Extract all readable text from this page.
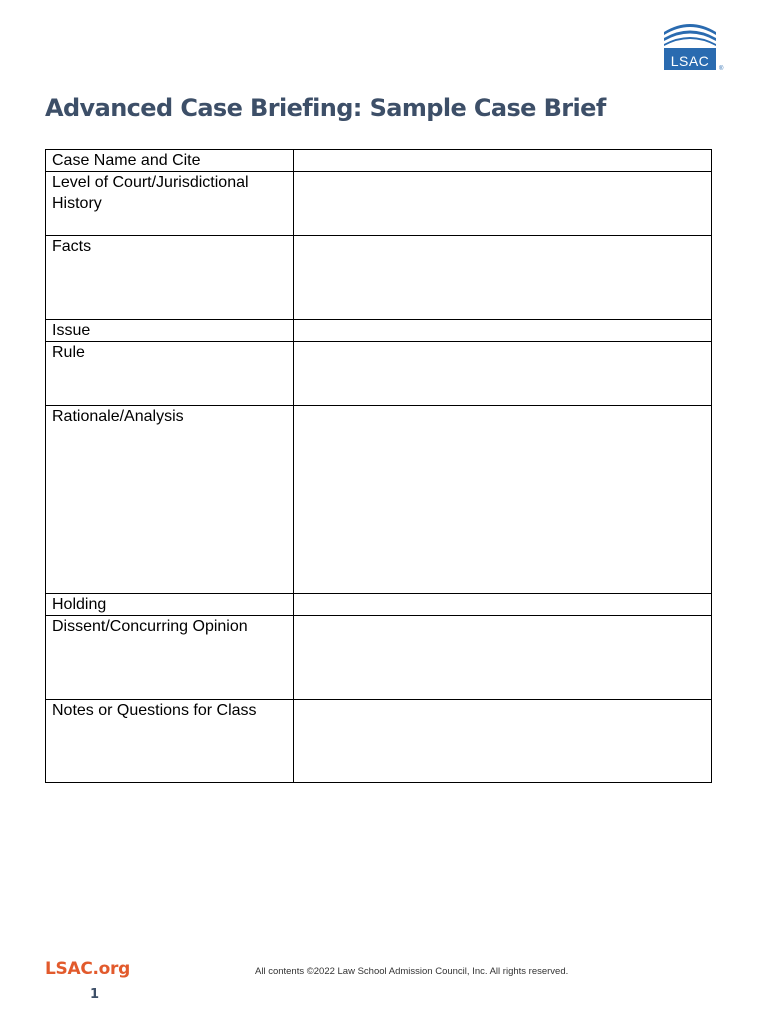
LSAC ®
Advanced Case Briefing: Sample Case Brief
Case Name and Cite	
Level of Court/Jurisdictional History	
Facts	
Issue	
Rule	
Rationale/Analysis	
Holding	
Dissent/Concurring Opinion	
Notes or Questions for Class	
LSAC.org
1
All contents ©2022 Law School Admission Council, Inc. All rights reserved.
